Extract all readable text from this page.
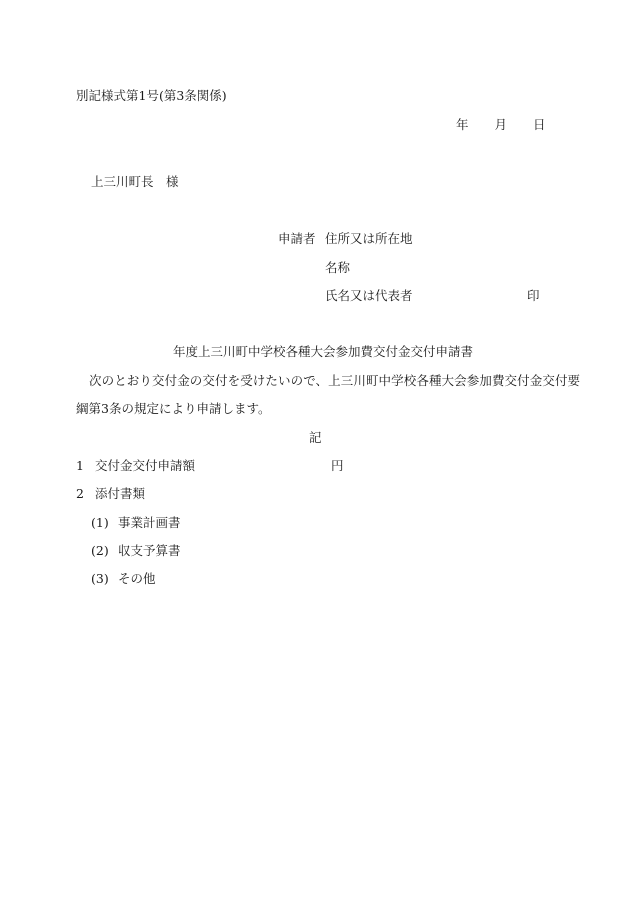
別記様式第1号(第3条関係)
年 月 日
上三川町長　様
申請者 住所又は所在地
名称
氏名又は代表者	印
年度上三川町中学校各種大会参加費交付金交付申請書
次のとおり交付金の交付を受けたいので、上三川町中学校各種大会参加費交付金交付要
綱第3条の規定により申請します。
記
1 交付金交付申請額	円
2 添付書類
(1) 事業計画書
(2) 収支予算書
(3) その他
